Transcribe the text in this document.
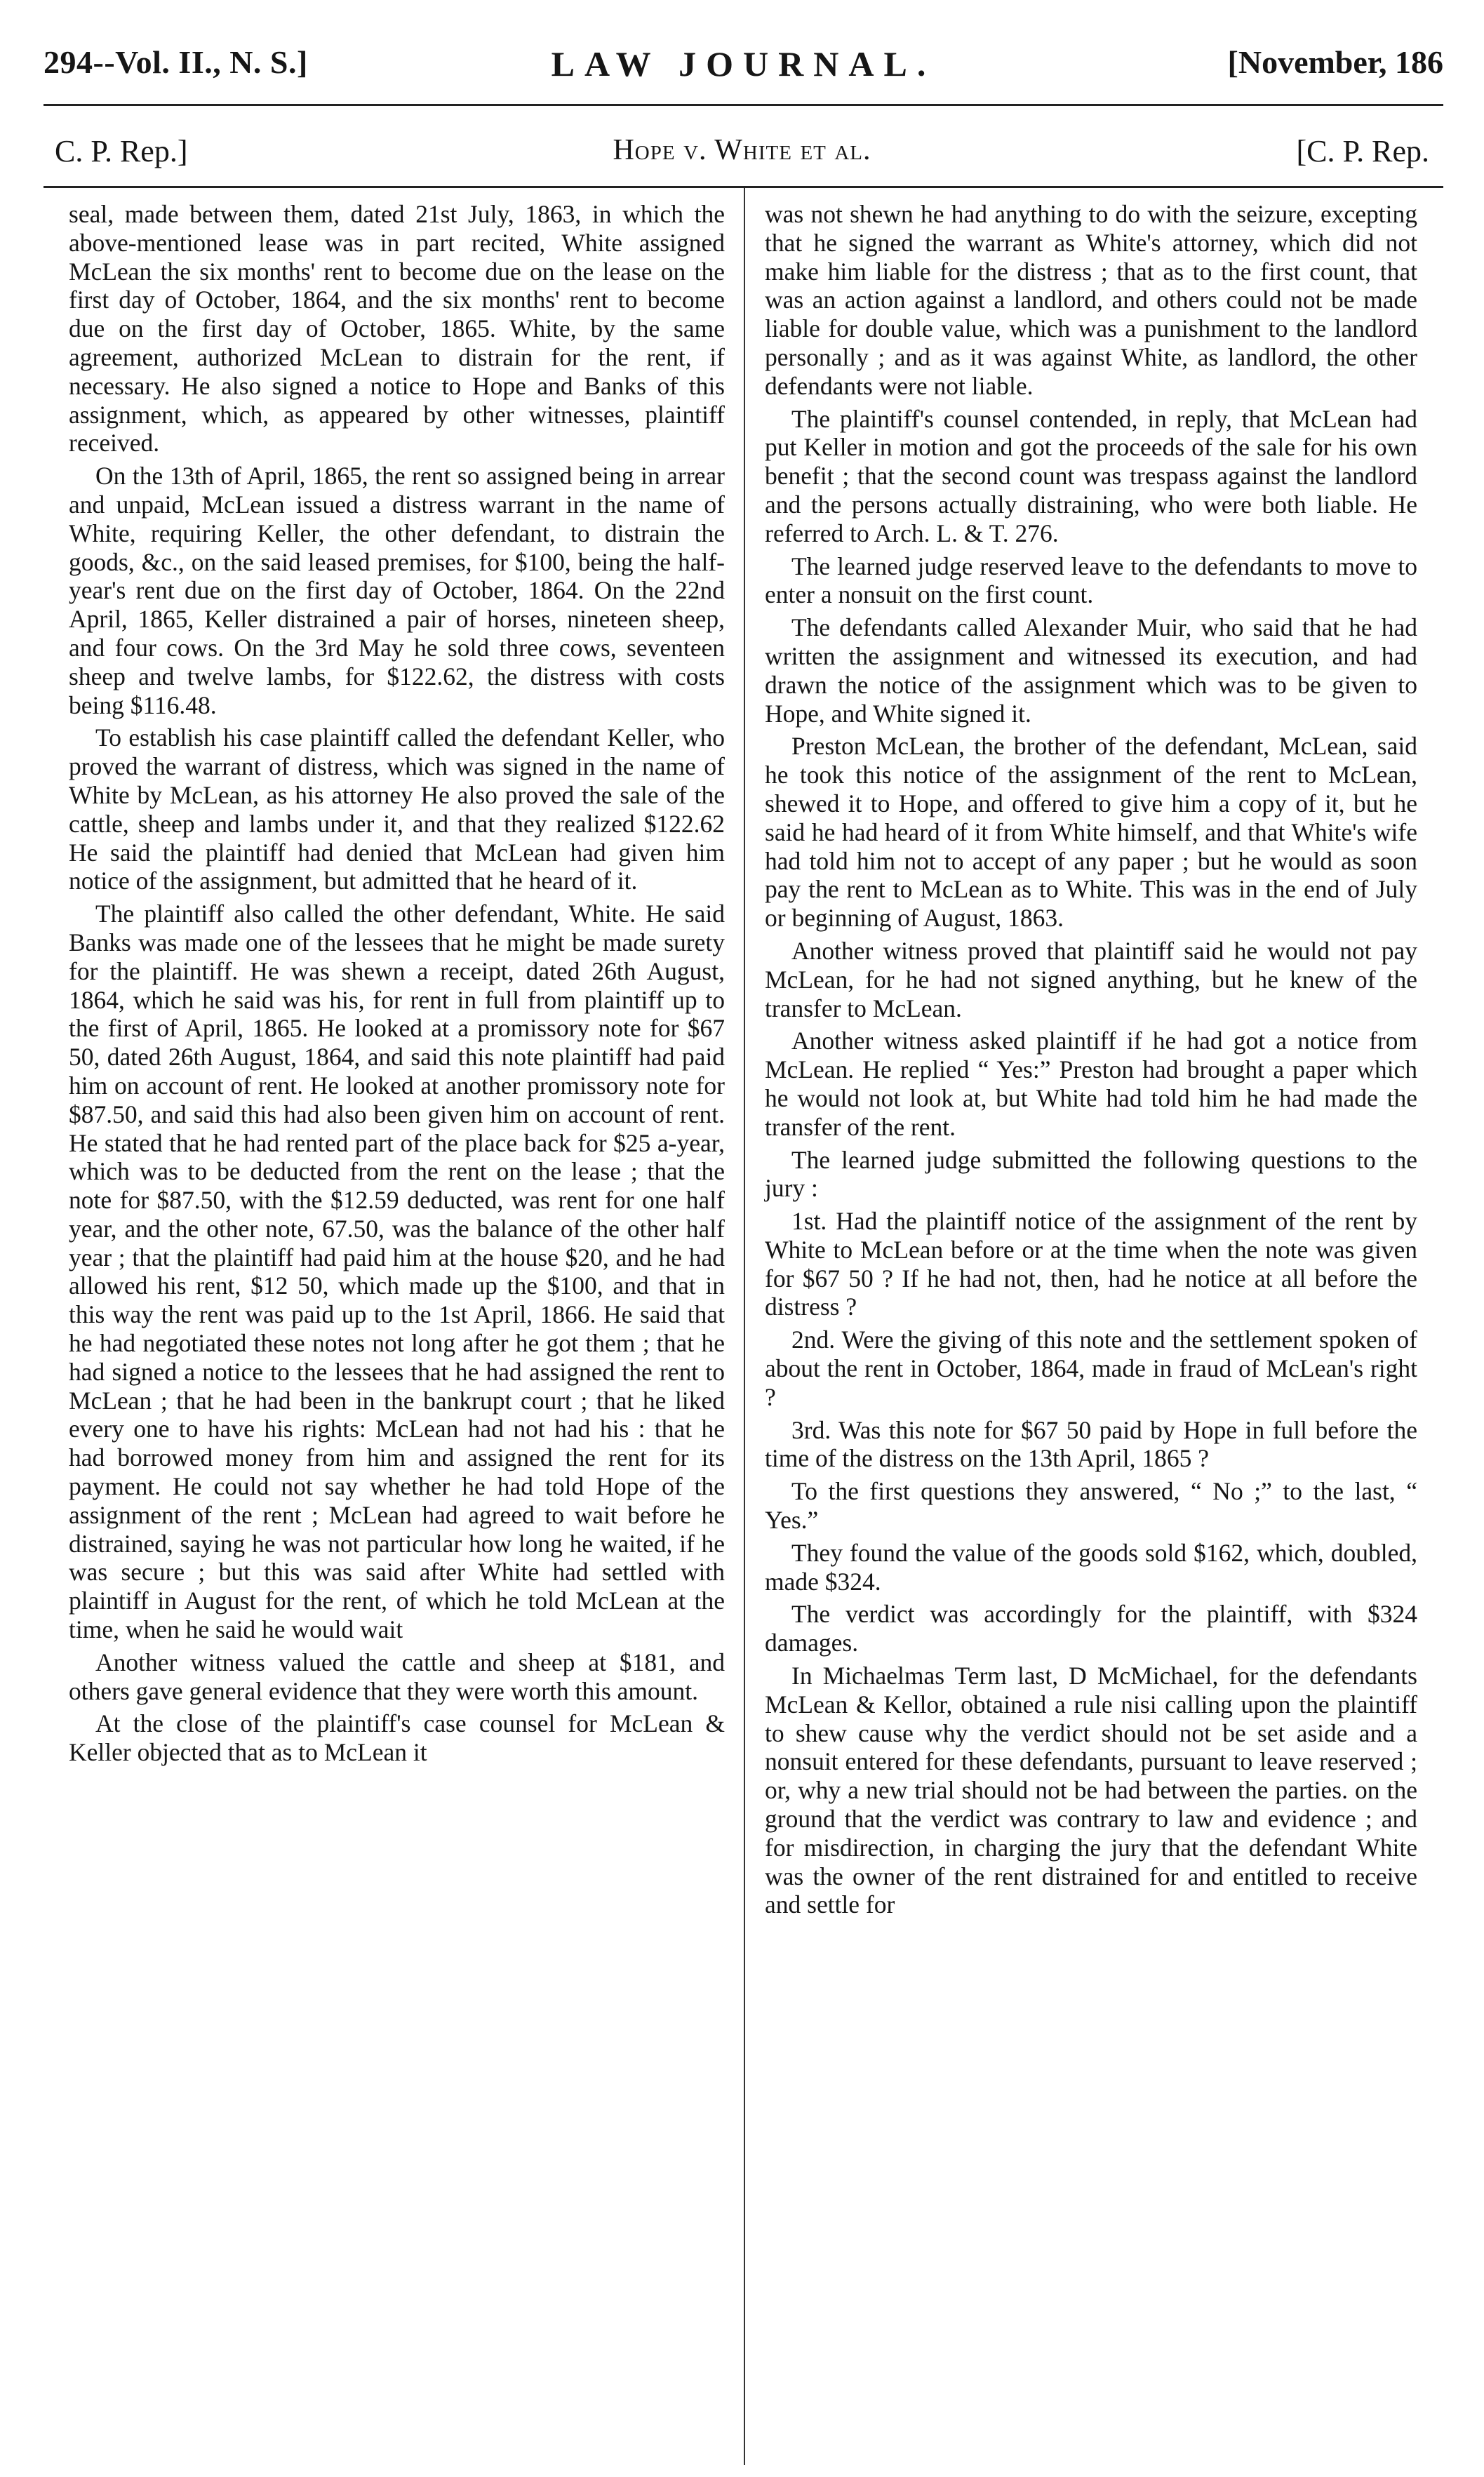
294--Vol. II., N. S.]	LAW JOURNAL.	[November, 186
C. P. Rep.]	Hope v. White et al.	[C. P. Rep.

seal, made between them, dated 21st July, 1863, in which the above-mentioned lease was in part recited, White assigned McLean the six months' rent to become due on the lease on the first day of October, 1864, and the six months' rent to become due on the first day of October, 1865. White, by the same agreement, authorized McLean to distrain for the rent, if necessary. He also signed a notice to Hope and Banks of this assignment, which, as appeared by other witnesses, plaintiff received.

On the 13th of April, 1865, the rent so assigned being in arrear and unpaid, McLean issued a distress warrant in the name of White, requiring Keller, the other defendant, to distrain the goods, &c., on the said leased premises, for $100, being the half-year's rent due on the first day of October, 1864. On the 22nd April, 1865, Keller distrained a pair of horses, nineteen sheep, and four cows. On the 3rd May he sold three cows, seventeen sheep and twelve lambs, for $122.62, the distress with costs being $116.48.

To establish his case plaintiff called the defendant Keller, who proved the warrant of distress, which was signed in the name of White by McLean, as his attorney He also proved the sale of the cattle, sheep and lambs under it, and that they realized $122.62 He said the plaintiff had denied that McLean had given him notice of the assignment, but admitted that he heard of it.

The plaintiff also called the other defendant, White. He said Banks was made one of the lessees that he might be made surety for the plaintiff. He was shewn a receipt, dated 26th August, 1864, which he said was his, for rent in full from plaintiff up to the first of April, 1865. He looked at a promissory note for $67 50, dated 26th August, 1864, and said this note plaintiff had paid him on account of rent. He looked at another promissory note for $87.50, and said this had also been given him on account of rent. He stated that he had rented part of the place back for $25 a-year, which was to be deducted from the rent on the lease ; that the note for $87.50, with the $12.59 deducted, was rent for one half year, and the other note, 67.50, was the balance of the other half year ; that the plaintiff had paid him at the house $20, and he had allowed his rent, $12 50, which made up the $100, and that in this way the rent was paid up to the 1st April, 1866. He said that he had negotiated these notes not long after he got them ; that he had signed a notice to the lessees that he had assigned the rent to McLean ; that he had been in the bankrupt court ; that he liked every one to have his rights: McLean had not had his : that he had borrowed money from him and assigned the rent for its payment. He could not say whether he had told Hope of the assignment of the rent ; McLean had agreed to wait before he distrained, saying he was not particular how long he waited, if he was secure ; but this was said after White had settled with plaintiff in August for the rent, of which he told McLean at the time, when he said he would wait

Another witness valued the cattle and sheep at $181, and others gave general evidence that they were worth this amount.

At the close of the plaintiff's case counsel for McLean & Keller objected that as to McLean it

was not shewn he had anything to do with the seizure, excepting that he signed the warrant as White's attorney, which did not make him liable for the distress ; that as to the first count, that was an action against a landlord, and others could not be made liable for double value, which was a punishment to the landlord personally ; and as it was against White, as landlord, the other defendants were not liable.

The plaintiff's counsel contended, in reply, that McLean had put Keller in motion and got the proceeds of the sale for his own benefit ; that the second count was trespass against the landlord and the persons actually distraining, who were both liable. He referred to Arch. L. & T. 276.

The learned judge reserved leave to the defendants to move to enter a nonsuit on the first count.

The defendants called Alexander Muir, who said that he had written the assignment and witnessed its execution, and had drawn the notice of the assignment which was to be given to Hope, and White signed it.

Preston McLean, the brother of the defendant, McLean, said he took this notice of the assignment of the rent to McLean, shewed it to Hope, and offered to give him a copy of it, but he said he had heard of it from White himself, and that White's wife had told him not to accept of any paper ; but he would as soon pay the rent to McLean as to White. This was in the end of July or beginning of August, 1863.

Another witness proved that plaintiff said he would not pay McLean, for he had not signed anything, but he knew of the transfer to McLean.

Another witness asked plaintiff if he had got a notice from McLean. He replied “ Yes:” Preston had brought a paper which he would not look at, but White had told him he had made the transfer of the rent.

The learned judge submitted the following questions to the jury :

1st. Had the plaintiff notice of the assignment of the rent by White to McLean before or at the time when the note was given for $67 50 ? If he had not, then, had he notice at all before the distress ?

2nd. Were the giving of this note and the settlement spoken of about the rent in October, 1864, made in fraud of McLean's right ?

3rd. Was this note for $67 50 paid by Hope in full before the time of the distress on the 13th April, 1865 ?

To the first questions they answered, “ No ;” to the last, “ Yes.”

They found the value of the goods sold $162, which, doubled, made $324.

The verdict was accordingly for the plaintiff, with $324 damages.

In Michaelmas Term last, D McMichael, for the defendants McLean & Kellor, obtained a rule nisi calling upon the plaintiff to shew cause why the verdict should not be set aside and a nonsuit entered for these defendants, pursuant to leave reserved ; or, why a new trial should not be had between the parties. on the ground that the verdict was contrary to law and evidence ; and for misdirection, in charging the jury that the defendant White was the owner of the rent distrained for and entitled to receive and settle for
